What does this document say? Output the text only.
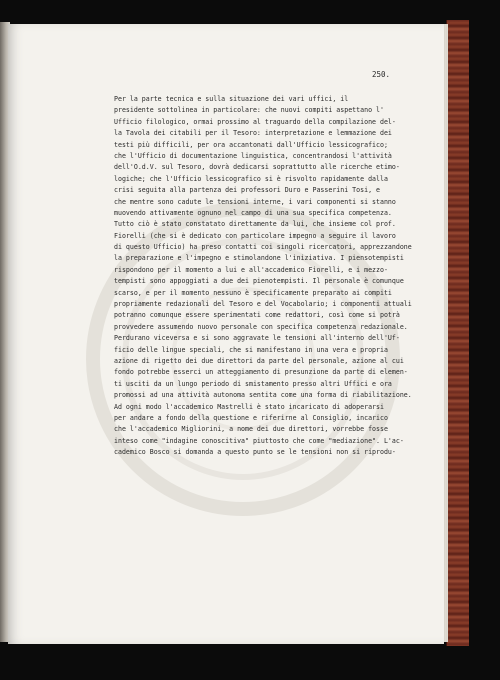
250.
Per la parte tecnica e sulla situazione dei vari uffici, il
presidente sottolinea in particolare: che nuovi compiti aspettano l'
Ufficio filologico, ormai prossimo al traguardo della compilazione del-
la Tavola dei citabili per il Tesoro: interpretazione e lemmazione dei
testi più difficili, per ora accantonati dall'Ufficio lessicografico;
che l'Ufficio di documentazione linguistica, concentrandosi l'attività
dell'O.d.V. sul Tesoro, dovrà dedicarsi soprattutto alle ricerche etimo-
logiche; che l'Ufficio lessicografico si è risvolto rapidamente dalla
crisi seguita alla partenza dei professori Duro e Passerini Tosi, e
che mentre sono cadute le tensioni interne, i vari componenti si stanno
muovendo attivamente ognuno nel campo di una sua specifica competenza.
Tutto ciò è stato constatato direttamente da lui, che insieme col prof.
Fiorelli (che si è dedicato con particolare impegno a seguire il lavoro
di questo Ufficio) ha preso contatti coi singoli ricercatori, apprezzandone
la preparazione e l'impegno e stimolandone l'iniziativa. I piensotempisti
rispondono per il momento a lui e all'accademico Fiorelli, e i mezzo-
tempisti sono appoggiati a due dei pienotempisti. Il personale è comunque
scarso, e per il momento nessuno è specificamente preparato ai compiti
propriamente redazionali del Tesoro e del Vocabolario; i componenti attuali
potranno comunque essere sperimentati come redattori, così come si potrà
provvedere assumendo nuovo personale con specifica competenza redazionale.
Perdurano viceversa e si sono aggravate le tensioni all'interno dell'Uf-
ficio delle lingue speciali, che si manifestano in una vera e propria
azione di rigetto dei due direttori da parte del personale, azione al cui
fondo potrebbe esserci un atteggiamento di presunzione da parte di elemen-
ti usciti da un lungo periodo di smistamento presso altri Uffici e ora
promossi ad una attività autonoma sentita come una forma di riabilitazione.
Ad ogni modo l'accademico Mastrelli è stato incaricato di adoperarsi
per andare a fondo della questione e riferirne al Consiglio, incarico
che l'accademico Migliorini, a nome dei due direttori, vorrebbe fosse
inteso come "indagine conoscitiva" piuttosto che come "mediazione". L'ac-
cademico Bosco si domanda a questo punto se le tensioni non si riprodu-
